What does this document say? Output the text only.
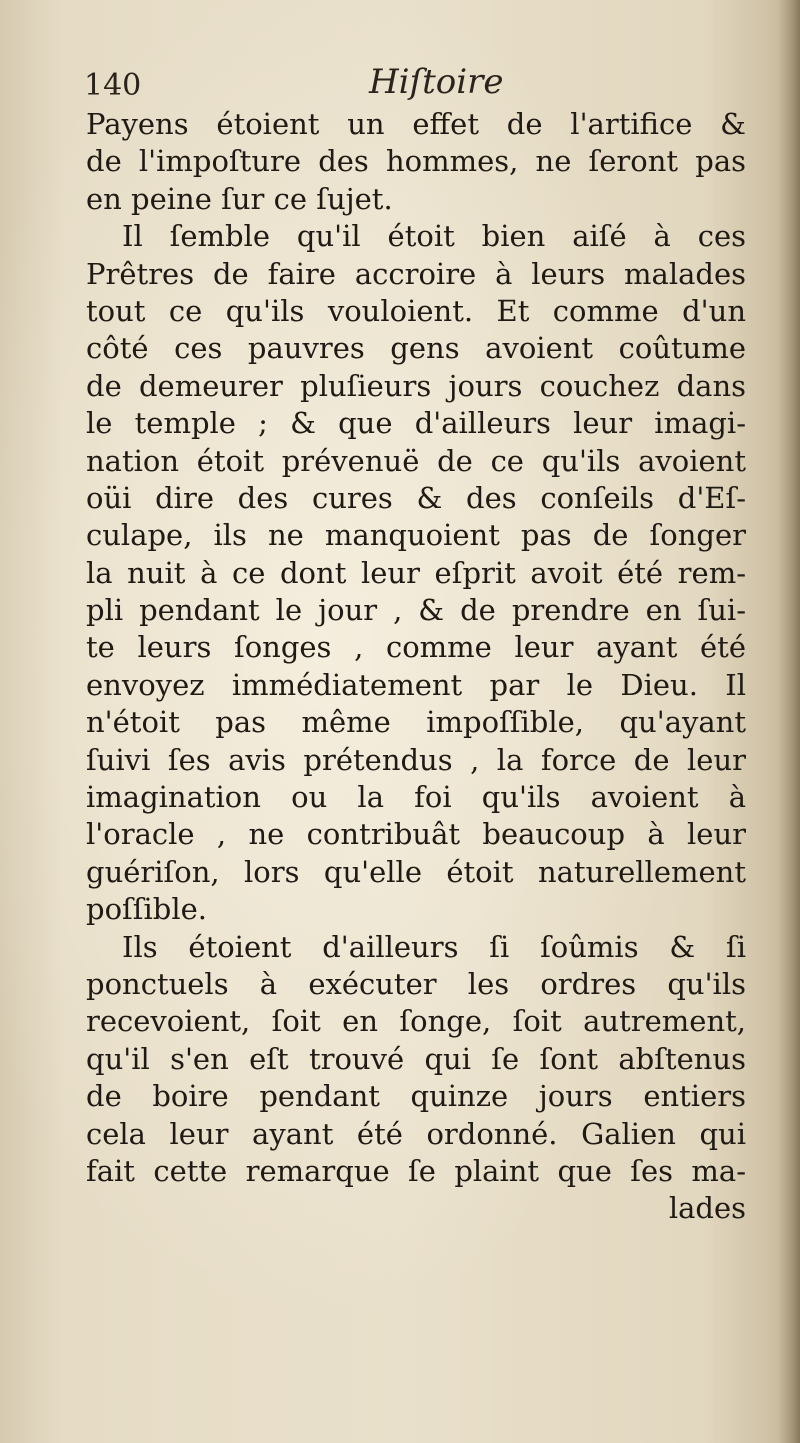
140	Hiſtoire
Payens étoient un effet de l'artifice &
de l'impoſture des hommes, ne ſeront pas
en peine ſur ce ſujet.
Il ſemble qu'il étoit bien aiſé à ces
Prêtres de faire accroire à leurs malades
tout ce qu'ils vouloient. Et comme d'un
côté ces pauvres gens avoient coûtume
de demeurer pluſieurs jours couchez dans
le temple ; & que d'ailleurs leur imagi-
nation étoit prévenuë de ce qu'ils avoient
oüi dire des cures & des conſeils d'Eſ-
culape, ils ne manquoient pas de ſonger
la nuit à ce dont leur eſprit avoit été rem-
pli pendant le jour , & de prendre en ſui-
te leurs ſonges , comme leur ayant été
envoyez immédiatement par le Dieu. Il
n'étoit pas même impoſſible, qu'ayant
ſuivi ſes avis prétendus , la force de leur
imagination ou la foi qu'ils avoient à
l'oracle , ne contribuât beaucoup à leur
guériſon, lors qu'elle étoit naturellement
poſſible.
Ils étoient d'ailleurs ſi ſoûmis & ſi
ponctuels à exécuter les ordres qu'ils
recevoient, ſoit en ſonge, ſoit autrement,
qu'il s'en eſt trouvé qui ſe ſont abſtenus
de boire pendant quinze jours entiers
cela leur ayant été ordonné. Galien qui
fait cette remarque ſe plaint que ſes ma-
lades
